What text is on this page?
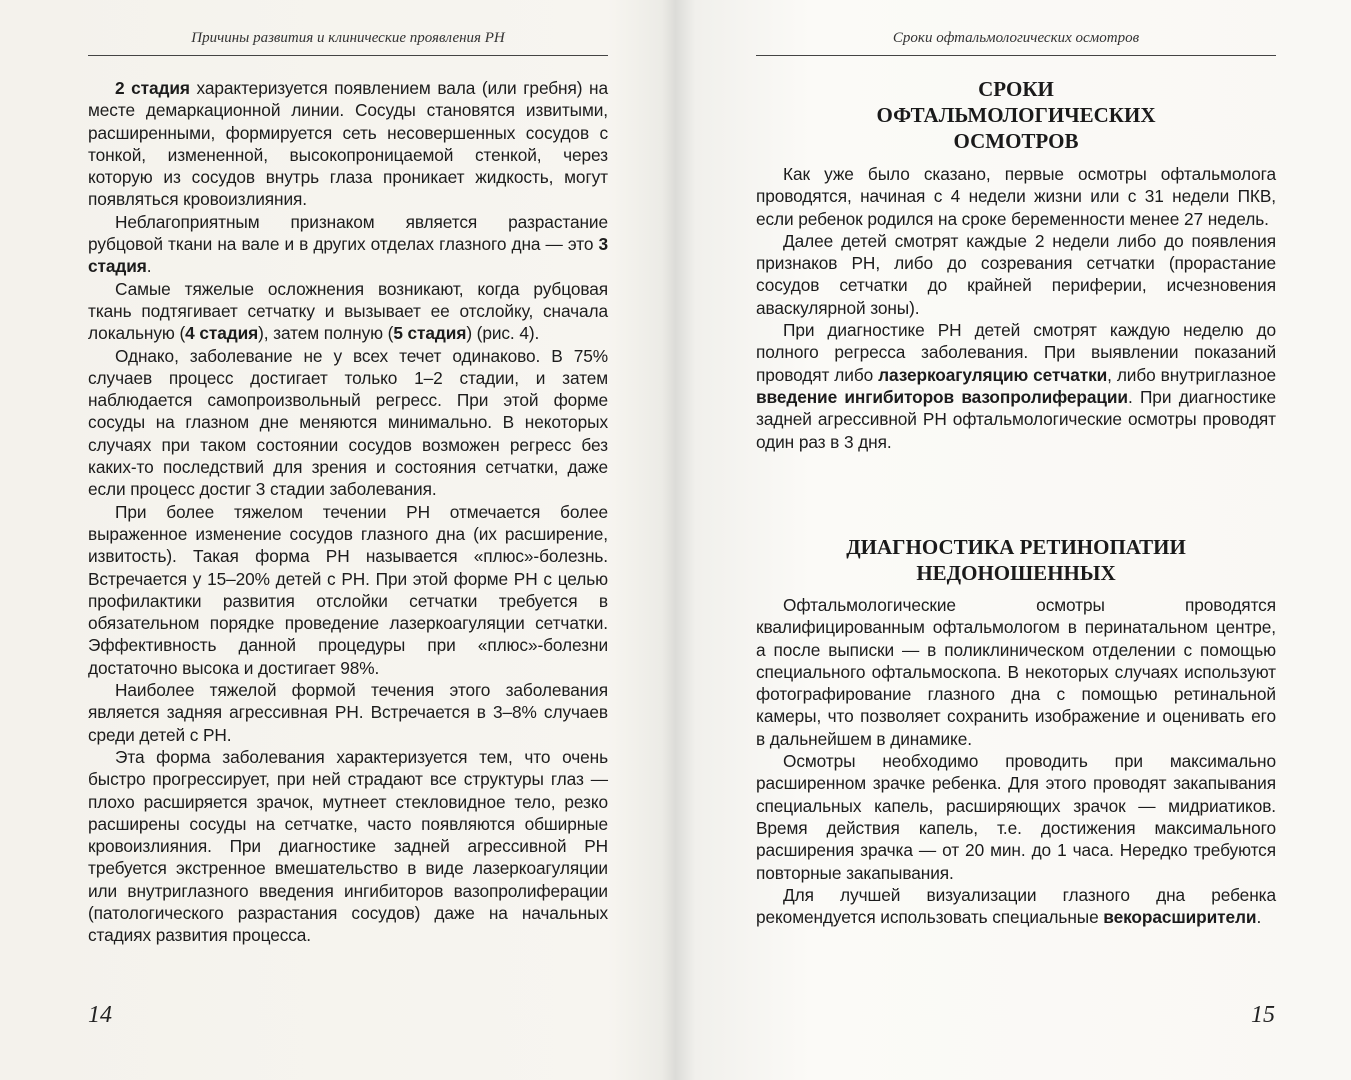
Причины развития и клинические проявления РН

2 стадия характеризуется появлением вала (или гребня) на месте демаркационной линии. Сосуды становятся извитыми, расширенными, формируется сеть несовершенных сосудов с тонкой, измененной, высокопроницаемой стенкой, через которую из сосудов внутрь глаза проникает жидкость, могут появляться кровоизлияния.

Неблагоприятным признаком является разрастание рубцовой ткани на вале и в других отделах глазного дна — это 3 стадия.

Самые тяжелые осложнения возникают, когда рубцовая ткань подтягивает сетчатку и вызывает ее отслойку, сначала локальную (4 стадия), затем полную (5 стадия) (рис. 4).

Однако, заболевание не у всех течет одинаково. В 75% случаев процесс достигает только 1–2 стадии, и затем наблюдается самопроизвольный регресс. При этой форме сосуды на глазном дне меняются минимально. В некоторых случаях при таком состоянии сосудов возможен регресс без каких-то последствий для зрения и состояния сетчатки, даже если процесс достиг 3 стадии заболевания.

При более тяжелом течении РН отмечается более выраженное изменение сосудов глазного дна (их расширение, извитость). Такая форма РН называется «плюс»-болезнь. Встречается у 15–20% детей с РН. При этой форме РН с целью профилактики развития отслойки сетчатки требуется в обязательном порядке проведение лазеркоагуляции сетчатки. Эффективность данной процедуры при «плюс»-болезни достаточно высока и достигает 98%.

Наиболее тяжелой формой течения этого заболевания является задняя агрессивная РН. Встречается в 3–8% случаев среди детей с РН.

Эта форма заболевания характеризуется тем, что очень быстро прогрессирует, при ней страдают все структуры глаз — плохо расширяется зрачок, мутнеет стекловидное тело, резко расширены сосуды на сетчатке, часто появляются обширные кровоизлияния. При диагностике задней агрессивной РН требуется экстренное вмешательство в виде лазеркоагуляции или внутриглазного введения ингибиторов вазопролиферации (патологического разрастания сосудов) даже на начальных стадиях развития процесса.

14
Сроки офтальмологических осмотров
СРОКИ
ОФТАЛЬМОЛОГИЧЕСКИХ
ОСМОТРОВ

Как уже было сказано, первые осмотры офтальмолога проводятся, начиная с 4 недели жизни или с 31 недели ПКВ, если ребенок родился на сроке беременности менее 27 недель.

Далее детей смотрят каждые 2 недели либо до появления признаков РН, либо до созревания сетчатки (прорастание сосудов сетчатки до крайней периферии, исчезновения аваскулярной зоны).

При диагностике РН детей смотрят каждую неделю до полного регресса заболевания. При выявлении показаний проводят либо лазеркоагуляцию сетчатки, либо внутриглазное введение ингибиторов вазопролиферации. При диагностике задней агрессивной РН офтальмологические осмотры проводят один раз в 3 дня.

ДИАГНОСТИКА РЕТИНОПАТИИ
НЕДОНОШЕННЫХ

Офтальмологические осмотры проводятся квалифицированным офтальмологом в перинатальном центре, а после выписки — в поликлиническом отделении с помощью специального офтальмоскопа. В некоторых случаях используют фотографирование глазного дна с помощью ретинальной камеры, что позволяет сохранить изображение и оценивать его в дальнейшем в динамике.

Осмотры необходимо проводить при максимально расширенном зрачке ребенка. Для этого проводят закапывания специальных капель, расширяющих зрачок — мидриатиков. Время действия капель, т.е. достижения максимального расширения зрачка — от 20 мин. до 1 часа. Нередко требуются повторные закапывания.

Для лучшей визуализации глазного дна ребенка рекомендуется использовать специальные векорасширители.

15
